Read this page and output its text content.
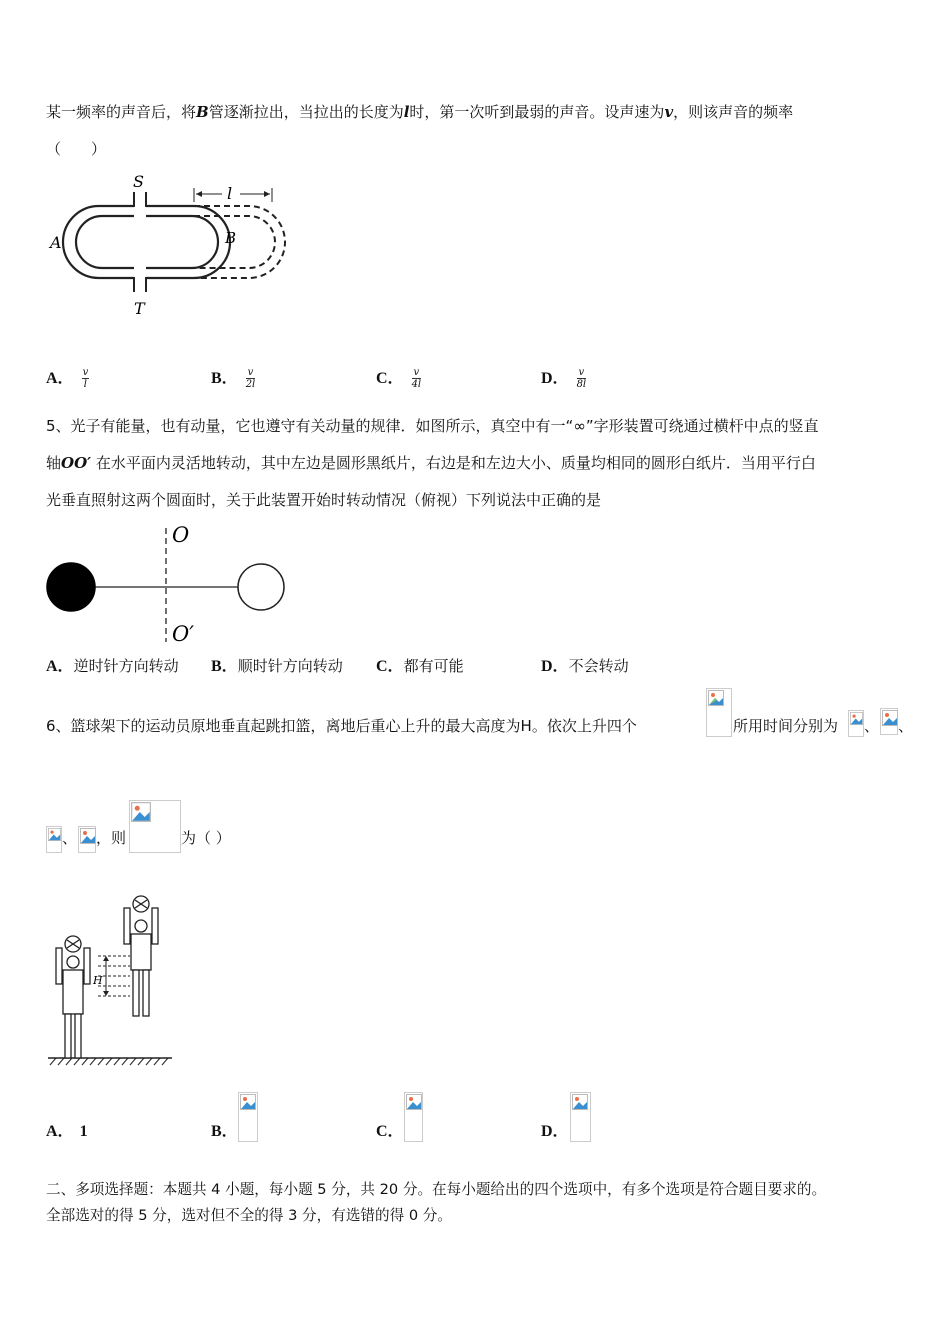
某一频率的声音后，将B管逐渐拉出，当拉出的长度为l时，第一次听到最弱的声音。设声速为v，则该声音的频率
（　　）
l
S
A	B
T
A． $\frac{v}{l}$	B． $\frac{v}{2l}$	C． $\frac{v}{4l}$	D． $\frac{v}{8l}$
5、光子有能量，也有动量，它也遵守有关动量的规律．如图所示，真空中有一“∞”字形装置可绕通过横杆中点的竖直
轴OO′ 在水平面内灵活地转动，其中左边是圆形黑纸片，右边是和左边大小、质量均相同的圆形白纸片．当用平行白
光垂直照射这两个圆面时，关于此装置开始时转动情况（俯视）下列说法中正确的是
O
O′
A．逆时针方向转动 B．顺时针方向转动 C．都有可能	D．不会转动
6、篮球架下的运动员原地垂直起跳扣篮，离地后重心上升的最大高度为H。依次上升四个	所用时间分别为 、 、
、 ，则	为（ ）
H
A． 1	B．	C．	D．
二、多项选择题：本题共 4 小题，每小题 5 分，共 20 分。在每小题给出的四个选项中，有多个选项是符合题目要求的。
全部选对的得 5 分，选对但不全的得 3 分，有选错的得 0 分。
